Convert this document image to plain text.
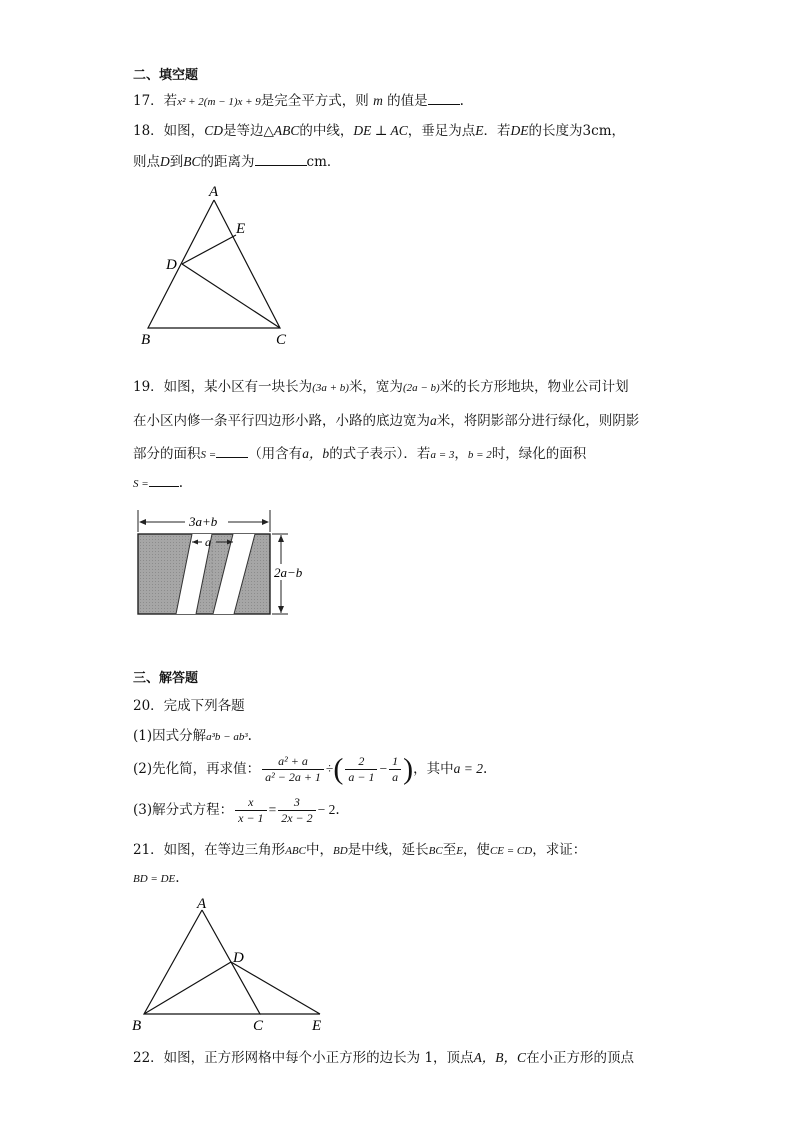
二、填空题
17．若x² + 2(m − 1)x + 9是完全平方式，则 m 的值是 .
18．如图，CD是等边△ABC的中线，DE ⊥ AC，垂足为点E．若DE的长度为3cm，
则点D到BC的距离为	cm．
A
E
D
B	C
19．如图，某小区有一块长为(3a + b)米，宽为(2a − b)米的长方形地块，物业公司计划
在小区内修一条平行四边形小路，小路的底边宽为a米，将阴影部分进行绿化，则阴影
部分的面积S = （用含有a，b的式子表示）．若a = 3，b = 2时，绿化的面积
S = .
3a+b
a
2a−b
三、解答题
20．完成下列各题
(1)因式分解a³b − ab³.
(2)先化简，再求值： $\frac{\text{a² + a}}{\text{a² − 2a + 1}}$ ÷( $\frac{2}{a - 1} - \frac{1}{a}$ )，其中a = 2.
(3)解分式方程： $\frac{x}{x - 1} = \frac{3}{2x - 2} - 2$.
21．如图，在等边三角形ABC中，BD是中线，延长BC至E，使CE = CD，求证：
BD = DE.
A
D
B	C	E
22．如图，正方形网格中每个小正方形的边长为 1，顶点A，B，C在小正方形的顶点
